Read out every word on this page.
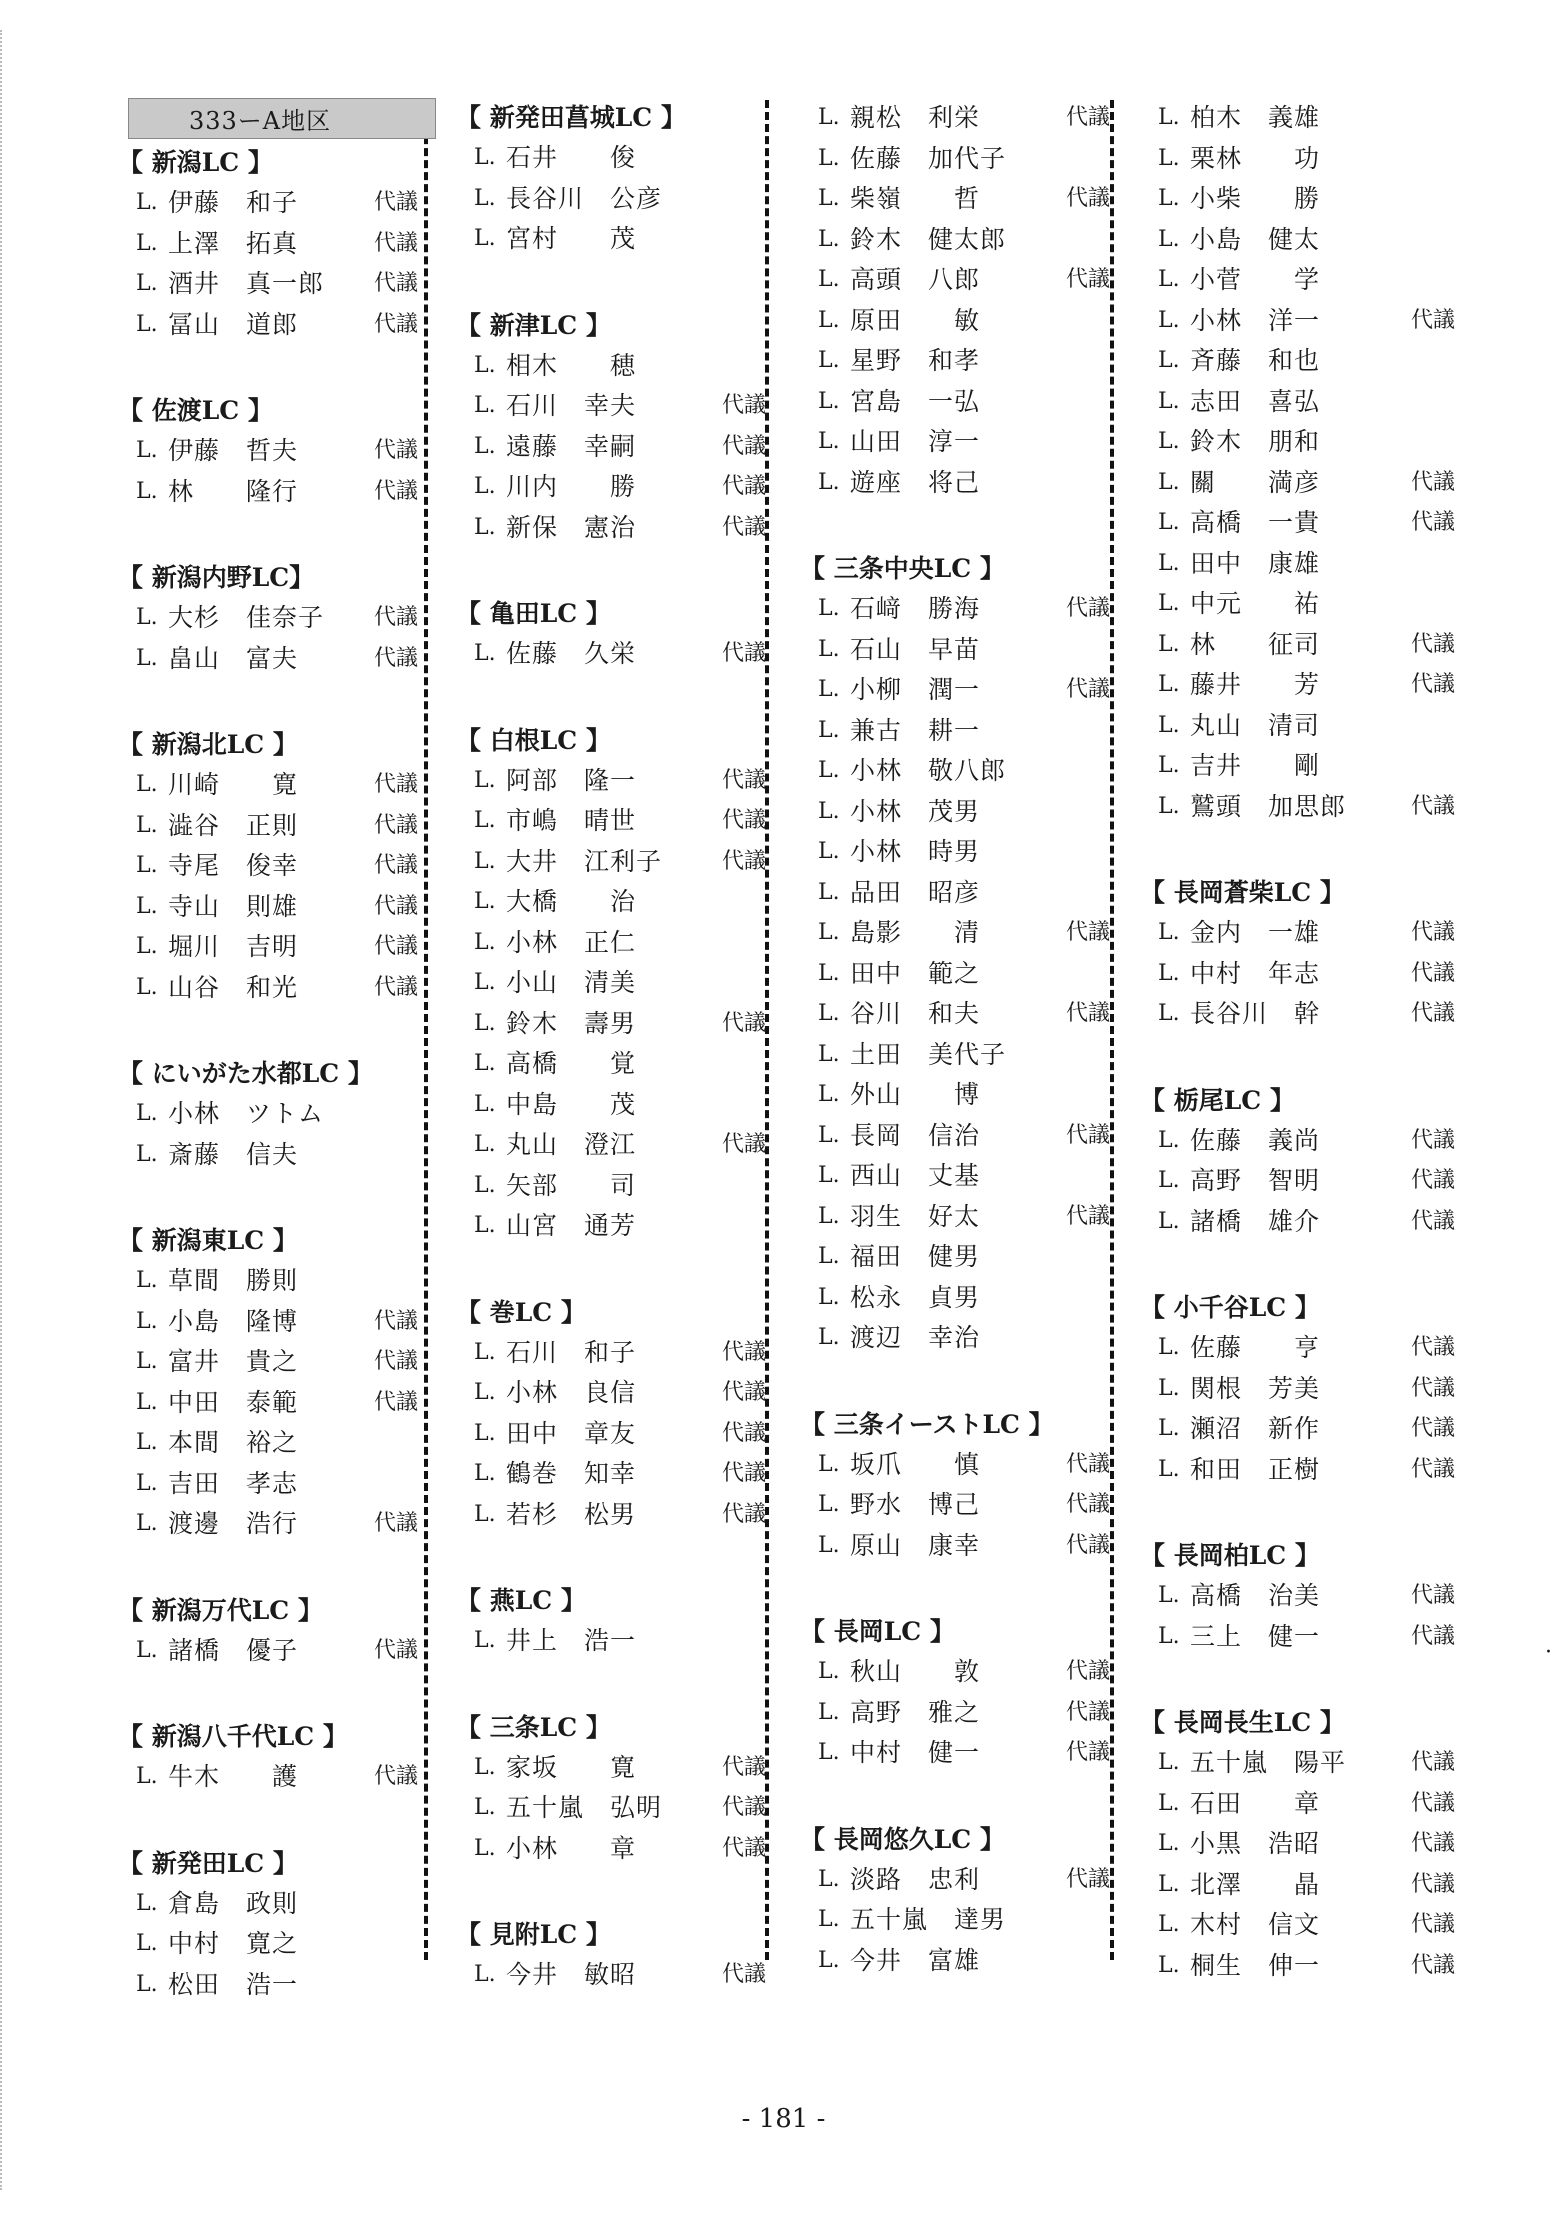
333ーA地区
【 新潟LC 】
L. 伊藤　和子	代議
L. 上澤　拓真	代議
L. 酒井　真一郎 代議
L. 冨山　道郎	代議
【 佐渡LC 】
L. 伊藤　哲夫	代議
L. 林　　隆行	代議
【 新潟内野LC】
L. 大杉　佳奈子 代議
L. 畠山　富夫	代議
【 新潟北LC 】
L. 川崎　　寛	代議
L. 澁谷　正則	代議
L. 寺尾　俊幸	代議
L. 寺山　則雄	代議
L. 堀川　吉明	代議
L. 山谷　和光	代議
【 にいがた水都LC 】
L. 小林　ツトム
L. 斎藤　信夫
【 新潟東LC 】
L. 草間　勝則
L. 小島　隆博	代議
L. 富井　貴之	代議
L. 中田　泰範	代議
L. 本間　裕之
L. 吉田　孝志
L. 渡邊　浩行	代議
【 新潟万代LC 】
L. 諸橋　優子	代議
【 新潟八千代LC 】
L. 牛木　　護	代議
【 新発田LC 】
L. 倉島　政則
L. 中村　寛之
L. 松田　浩一
【 新発田菖城LC 】
L. 石井　　俊
L. 長谷川　公彦
L. 宮村　　茂
【 新津LC 】
L. 相木　　穂
L. 石川　幸夫	代議
L. 遠藤　幸嗣	代議
L. 川内　　勝	代議
L. 新保　憲治	代議
【 亀田LC 】
L. 佐藤　久栄	代議
【 白根LC 】
L. 阿部　隆一	代議
L. 市嶋　晴世	代議
L. 大井　江利子	代議
L. 大橋　　治
L. 小林　正仁
L. 小山　清美
L. 鈴木　壽男	代議
L. 高橋　　覚
L. 中島　　茂
L. 丸山　澄江	代議
L. 矢部　　司
L. 山宮　通芳
【 巻LC 】
L. 石川　和子	代議
L. 小林　良信	代議
L. 田中　章友	代議
L. 鶴巻　知幸	代議
L. 若杉　松男	代議
【 燕LC 】
L. 井上　浩一
【 三条LC 】
L. 家坂　　寛	代議
L. 五十嵐　弘明	代議
L. 小林　　章	代議
【 見附LC 】
L. 今井　敏昭	代議
L. 親松　利栄	代議
L. 佐藤　加代子
L. 柴嶺　　哲	代議
L. 鈴木　健太郎
L. 高頭　八郎	代議
L. 原田　　敏
L. 星野　和孝
L. 宮島　一弘
L. 山田　淳一
L. 遊座　将己
【 三条中央LC 】
L. 石﨑　勝海	代議
L. 石山　早苗
L. 小柳　潤一	代議
L. 兼古　耕一
L. 小林　敬八郎
L. 小林　茂男
L. 小林　時男
L. 品田　昭彦
L. 島影　　清	代議
L. 田中　範之
L. 谷川　和夫	代議
L. 土田　美代子
L. 外山　　博
L. 長岡　信治	代議
L. 西山　丈基
L. 羽生　好太	代議
L. 福田　健男
L. 松永　貞男
L. 渡辺　幸治
【 三条イーストLC 】
L. 坂爪　　慎	代議
L. 野水　博己	代議
L. 原山　康幸	代議
【 長岡LC 】
L. 秋山　　敦	代議
L. 高野　雅之	代議
L. 中村　健一	代議
【 長岡悠久LC 】
L. 淡路　忠利	代議
L. 五十嵐　達男
L. 今井　富雄
L. 柏木　義雄
L. 栗林　　功
L. 小柴　　勝
L. 小島　健太
L. 小菅　　学
L. 小林　洋一	代議
L. 斉藤　和也
L. 志田　喜弘
L. 鈴木　朋和
L. 關　　満彦	代議
L. 高橋　一貴	代議
L. 田中　康雄
L. 中元　　祐
L. 林　　征司	代議
L. 藤井　　芳	代議
L. 丸山　清司
L. 吉井　　剛
L. 鷲頭　加思郎	代議
【 長岡蒼柴LC 】
L. 金内　一雄	代議
L. 中村　年志	代議
L. 長谷川　幹	代議
【 栃尾LC 】
L. 佐藤　義尚	代議
L. 高野　智明	代議
L. 諸橋　雄介	代議
【 小千谷LC 】
L. 佐藤　　亨	代議
L. 関根　芳美	代議
L. 瀬沼　新作	代議
L. 和田　正樹	代議
【 長岡柏LC 】
L. 高橋　治美	代議
L. 三上　健一	代議
【 長岡長生LC 】
L. 五十嵐　陽平	代議
L. 石田　　章	代議
L. 小黒　浩昭	代議
L. 北澤　　晶	代議
L. 木村　信文	代議
L. 桐生　伸一	代議
·
- 181 -
